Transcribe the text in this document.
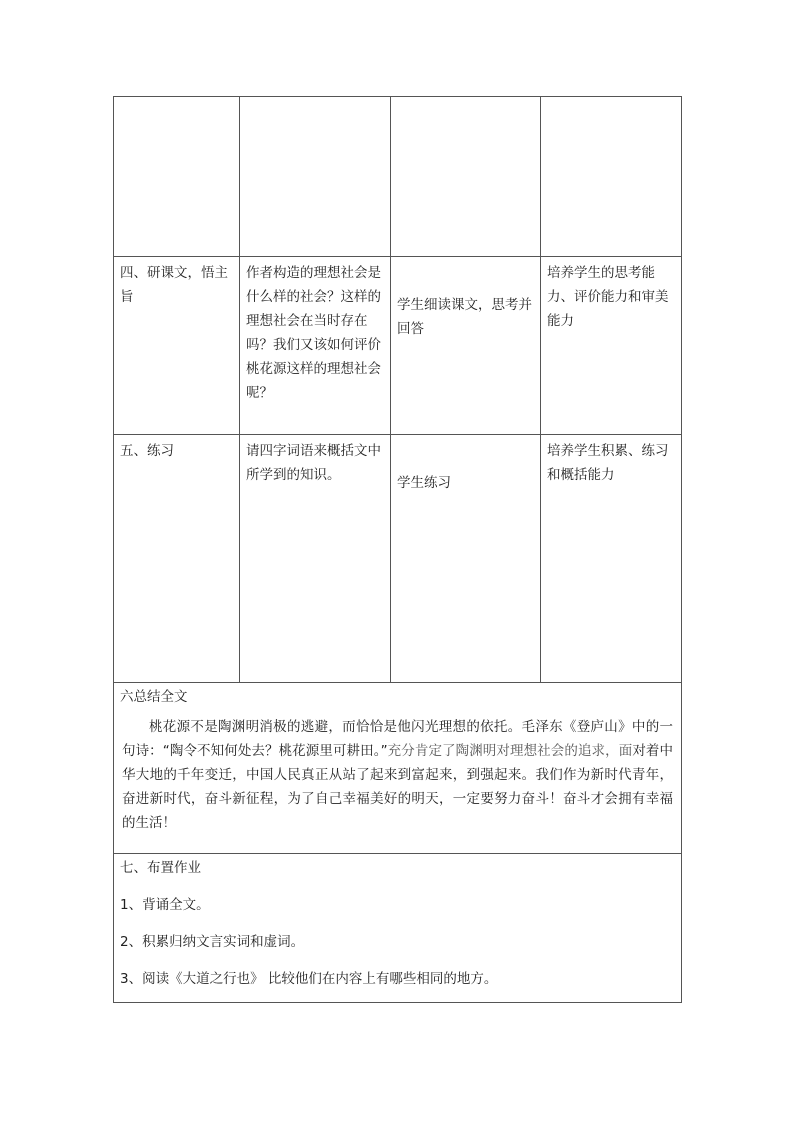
四、研课文，悟主旨	作者构造的理想社会是什么样的社会？这样的理想社会在当时存在吗？我们又该如何评价桃花源这样的理想社会呢？	学生细读课文，思考并回答	培养学生的思考能力、评价能力和审美能力

五、练习	请四字词语来概括文中所学到的知识。	学生练习	培养学生积累、练习和概括能力

六总结全文

桃花源不是陶渊明消极的逃避，而恰恰是他闪光理想的依托。毛泽东《登庐山》中的一句诗：“陶令不知何处去？桃花源里可耕田。”充分肯定了陶渊明对理想社会的追求，面对着中华大地的千年变迁，中国人民真正从站了起来到富起来，到强起来。我们作为新时代青年，奋进新时代，奋斗新征程，为了自己幸福美好的明天，一定要努力奋斗！奋斗才会拥有幸福的生活！			

七、布置作业

1、背诵全文。

2、积累归纳文言实词和虚词。

3、阅读《大道之行也》 比较他们在内容上有哪些相同的地方。			
